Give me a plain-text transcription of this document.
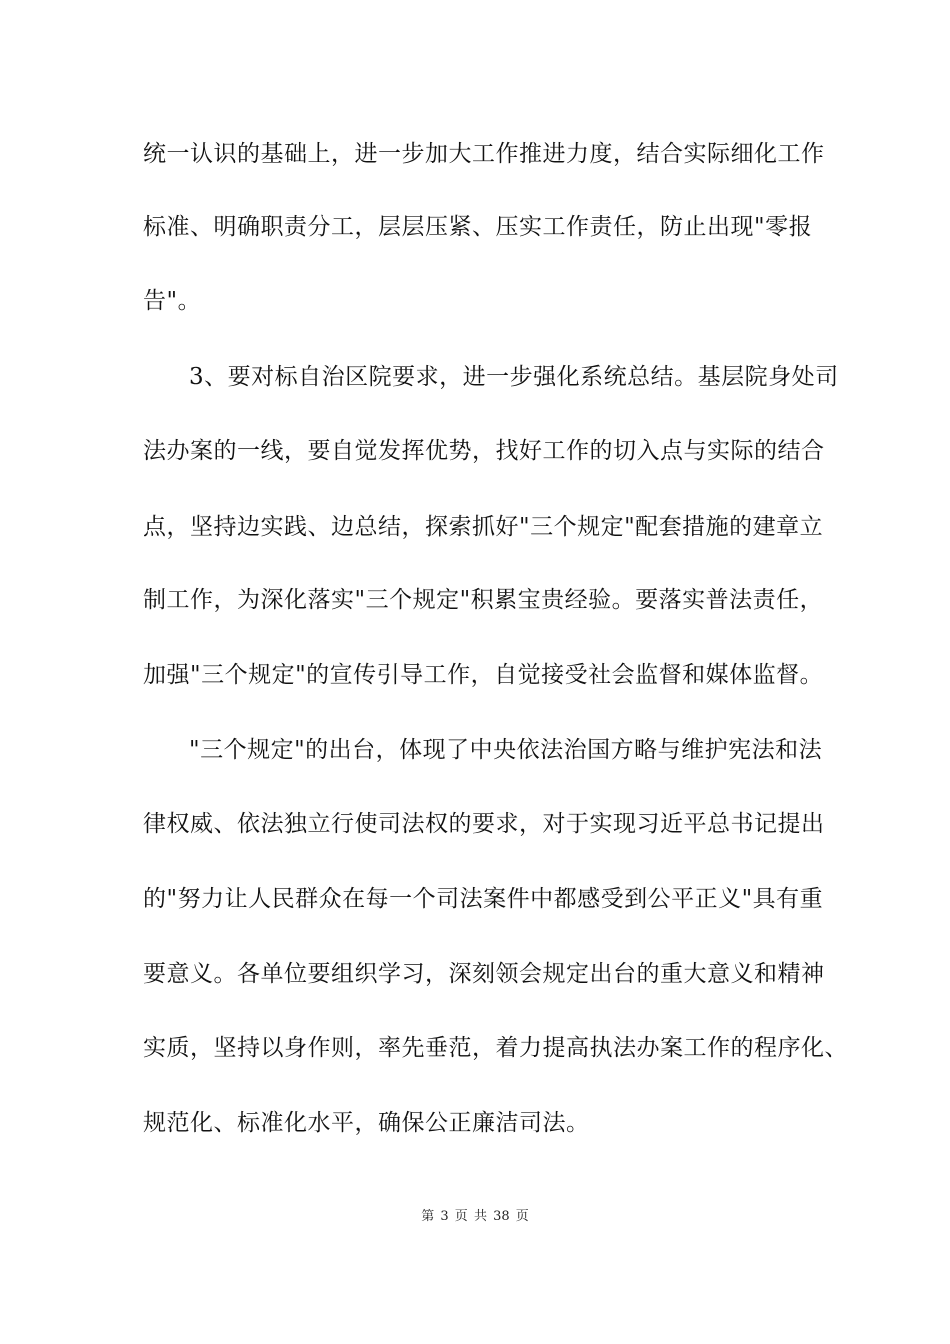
统一认识的基础上，进一步加大工作推进力度，结合实际细化工作
标准、明确职责分工，层层压紧、压实工作责任，防止出现"零报
告"。
3、要对标自治区院要求，进一步强化系统总结。基层院身处司
法办案的一线，要自觉发挥优势，找好工作的切入点与实际的结合
点，坚持边实践、边总结，探索抓好"三个规定"配套措施的建章立
制工作，为深化落实"三个规定"积累宝贵经验。要落实普法责任，
加强"三个规定"的宣传引导工作，自觉接受社会监督和媒体监督。
"三个规定"的出台，体现了中央依法治国方略与维护宪法和法
律权威、依法独立行使司法权的要求，对于实现习近平总书记提出
的"努力让人民群众在每一个司法案件中都感受到公平正义"具有重
要意义。各单位要组织学习，深刻领会规定出台的重大意义和精神
实质，坚持以身作则，率先垂范，着力提高执法办案工作的程序化、
规范化、标准化水平，确保公正廉洁司法。
第 3 页 共 38 页
